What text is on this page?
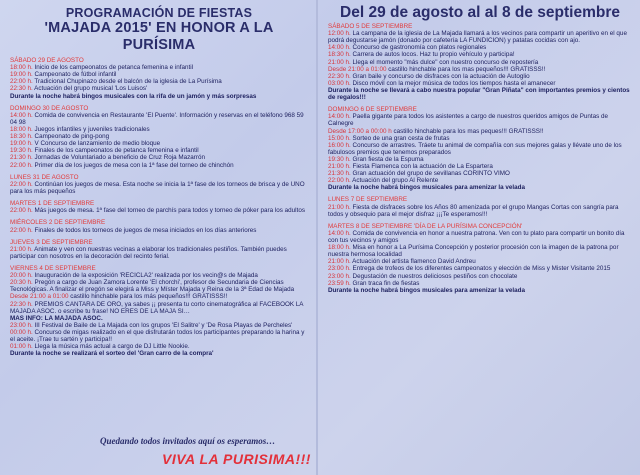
PROGRAMACIÓN DE FIESTAS
'MAJADA 2015' EN HONOR A LA PURÍSIMA
SÁBADO 29 DE AGOSTO
18:00 h. Inicio de los campeonatos de petanca femenina e infantil
19:00 h. Campeonato de fútbol infantil
22:00 h. Tradicional Chupinazo desde el balcón de la iglesia de La Purísima
22:30 h. Actuación del grupo musical 'Los Luisos'
Durante la noche habrá bingos musicales con la rifa de un jamón y más sorpresas
DOMINGO 30 DE AGOSTO
14:00 h. Comida de convivencia en Restaurante 'El Puente'. Información y reservas en el teléfono 968 59 04 98
18:00 h. Juegos infantiles y juveniles tradicionales
18:30 h. Campeonato de ping-pong
19:00 h. V Concurso de lanzamiento de medio bloque
19:30 h. Finales de los campeonatos de petanca femenina e infantil
21:30 h. Jornadas de Voluntariado a beneficio de Cruz Roja Mazarrón
22:00 h. Primer día de los juegos de mesa con la 1ª fase del torneo de chinchón
LUNES 31 DE AGOSTO
22:00 h. Continúan los juegos de mesa. Esta noche se inicia la 1ª fase de los torneos de brisca y de UNO para los más pequeños
MARTES 1 DE SEPTIEMBRE
22:00 h. Más juegos de mesa. 1ª fase del torneo de parchís para todos y torneo de póker para los adultos
MIÉRCOLES 2 DE SEPTIEMBRE
22:00 h. Finales de todos los torneos de juegos de mesa iniciados en los días anteriores
JUEVES 3 DE SEPTIEMBRE
21:00 h. Animate y ven con nuestras vecinas a elaborar los tradicionales pestiños. También puedes participar con nosotros en la decoración del recinto ferial.
VIERNES 4 DE SEPTIEMBRE
20:00 h. Inauguración de la exposición 'RECICLA2' realizada por los vecin@s de Majada
20:30 h. Pregón a cargo de Juan Zamora Lorente 'El chorchi', profesor de Secundaria de Ciencias Tecnológicas. A finalizar el pregón se elegirá a Miss y Míster Majada y Reina de la 3ª Edad de Majada
Desde 21:00 a 01:00 castillo hinchable para los más pequeños!!! GRATISSS!!
22:30 h. PREMIOS CANTARA DE ORO, ya sabes ¡¡ presenta tu corto cinematográfica al FACEBOOK LA MAJADA ASOC. o escribe tu frase! NO ERES DE LA MAJA SI…
MAS INFO: LA MAJADA ASOC.
23:00 h. III Festival de Baile de La Majada con los grupos 'El Salitre' y 'De Rosa Playas de Percheles'
00:00 h. Concurso de migas realizado en el que disfrutarán todos los participantes preparando la harina y el aceite. ¡Trae tu sartén y participa!!
01:00 h. Llega la música más actual a cargo de DJ Little Nookie.
Durante la noche se realizará el sorteo del 'Gran carro de la compra'
Del 29 de agosto al al 8 de septiembre
SÁBADO 5 DE SEPTIEMBRE
12:00 h. La campana de la iglesia de La Majada llamará a los vecinos para compartir un aperitivo en el que podrá degustarse jamón (donado por cafetería LA FUNDICION) y patatas cocidas con ajo.
14:00 h. Concurso de gastronomía con platos regionales
18:30 h. Carrera de autos locos. Haz tu propio vehículo y participa!
21:00 h. Llega el momento "más dulce" con nuestro concurso de repostería
Desde 21:00 a 01:00 castillo hinchable para los mas pequeños!!! GRATISSS!!
22:30 h. Gran baile y concurso de disfraces con la actuación de Autoglio
03:00 h. Disco móvil con la mejor música de todos los tiempos hasta el amanecer
Durante la noche se llevará a cabo nuestra popular "Gran Piñata" con importantes premios y cientos de regalos!!!
DOMINGO 6 DE SEPTIEMBRE
14:00 h. Paella gigante para todos los asistentes a cargo de nuestros queridos amigos de Puntas de Calnegre
Desde 17:00 a 00:00 h castillo hinchable para los mas peques!!! GRATISSS!!
15:00 h. Sorteo de una gran cesta de frutas
16:00 h. Concurso de arrastres. Tráete tu animal de compañía con sus mejores galas y llévate uno de los fabulosos premios que tenemos preparados
19:30 h. Gran fiesta de la Espuma
21:00 h. Fiesta Flamenca con la actuación de La Espartera
21:30 h. Gran actuación del grupo de sevillanas CORINTO VIMO
22:00 h. Actuación del grupo Al Relente
Durante la noche habrá bingos musicales para amenizar la velada
LUNES 7 DE SEPTIEMBRE
21:00 h. Fiesta de disfraces sobre los Años 80 amenizada por el grupo Mangas Cortas con sangría para todos y obsequio para el mejor disfraz ¡¡¡Te esperamos!!!
MARTES 8 DE SEPTIEMBRE 'DÍA DE LA PURÍSIMA CONCEPCIÓN'
14:00 h. Comida de convivencia en honor a nuestra patrona. Ven con tu plato para compartir un bonito día con tus vecinos y amigos
18:00 h. Misa en honor a La Purísima Concepción y posterior procesión con la imagen de la patrona por nuestra hermosa localidad
21:00 h. Actuación del artista flamenco David Andreu
23:00 h. Entrega de trofeos de los diferentes campeonatos y elección de Miss y Mister Visitante 2015
23:00 h. Degustación de nuestros deliciosos pestiños con chocolate
23:59 h. Gran traca fin de fiestas
Durante la noche habrá bingos musicales para amenizar la velada
Quedando todos invitados aquí os esperamos…
VIVA LA PURISIMA!!!
